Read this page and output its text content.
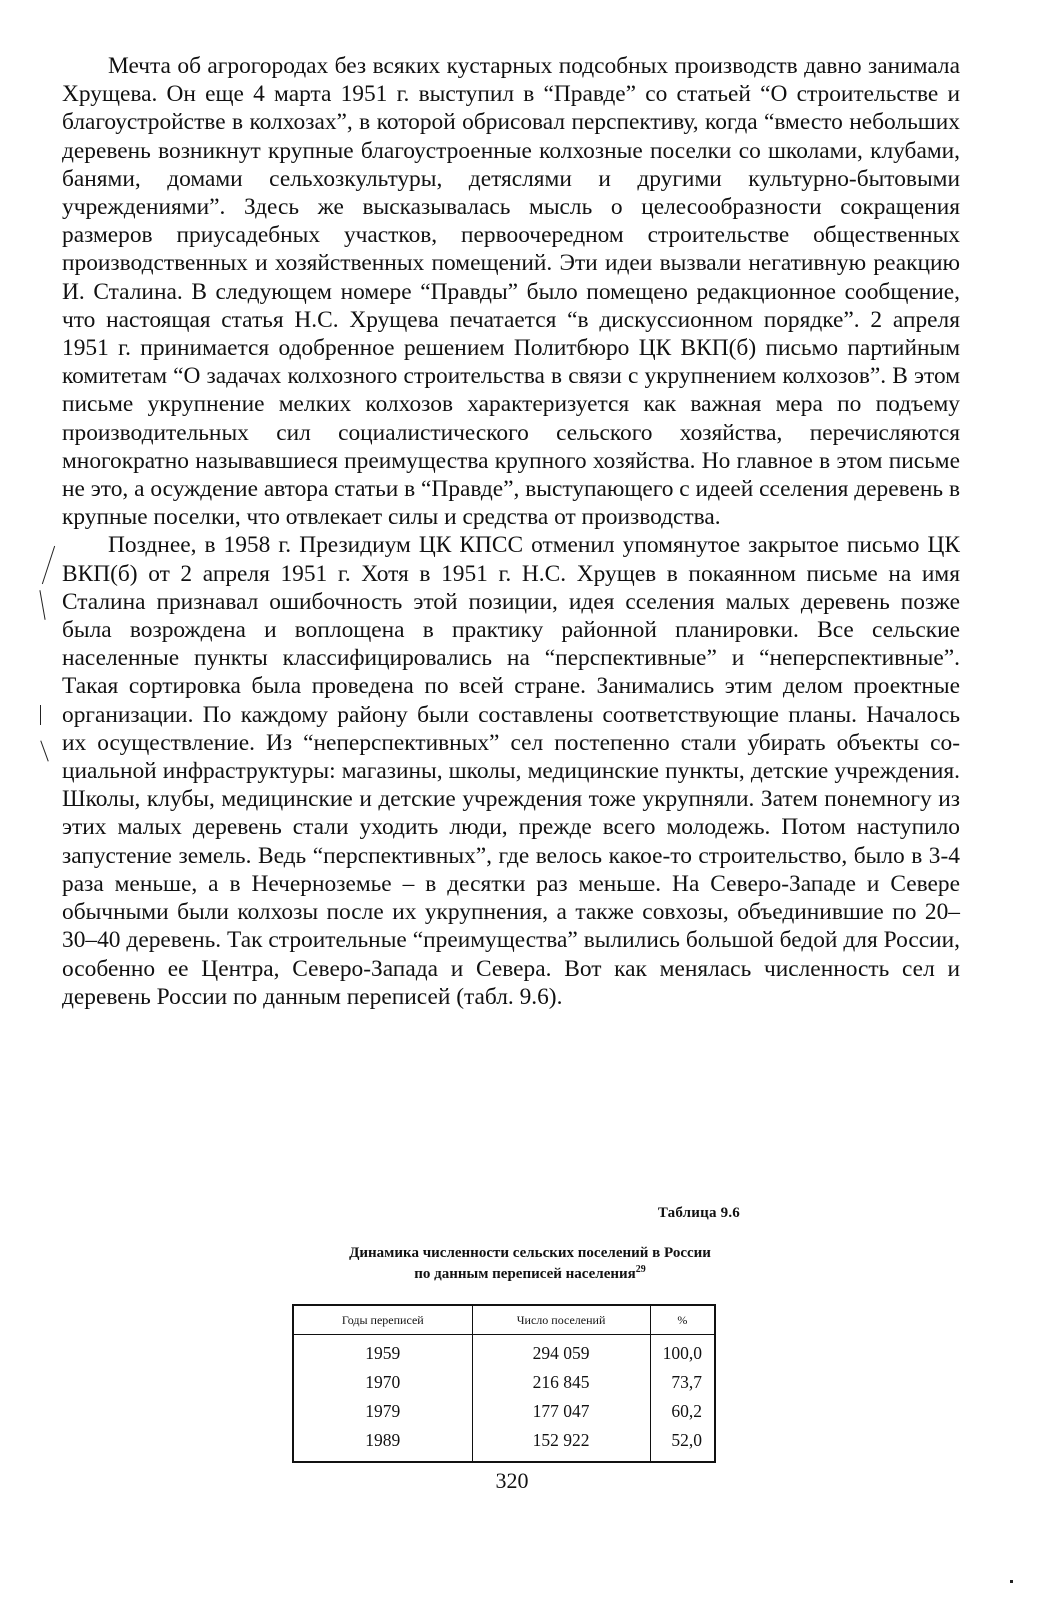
Мечта об агрогородах без всяких кустарных подсобных производств давно занимала Хрущева. Он еще 4 марта 1951 г. выступил в “Правде” со статьей “О строительстве и благоустройстве в колхозах”, в которой обрисовал перспективу, когда “вместо небольших деревень возникнут крупные благоустроенные колхозные поселки со школами, клубами, банями, домами сельхозкультуры, детяслями и другими культурно-бытовыми учреждениями”. Здесь же высказывалась мысль о целесообразности сокращения размеров приусадебных участков, первоочередном строительстве общественных производственных и хозяйственных помещений. Эти идеи вызвали негативную реакцию И. Сталина. В следующем номере “Правды” было помещено редакционное сообщение, что настоящая статья Н.С. Хрущева печатается “в дискуссионном порядке”. 2 апреля 1951 г. принимается одобренное решением Политбюро ЦК ВКП(б) письмо партийным комитетам “О задачах колхозного строительства в связи с укрупнением колхозов”. В этом письме укрупнение мелких колхозов характеризуется как важная мера по подъему производительных сил социалистического сельского хозяйства, перечисляются многократно называвшиеся преимущества крупного хозяйства. Но главное в этом письме не это, а осуждение автора статьи в “Правде”, выступающего с идеей сселения деревень в крупные поселки, что отвлекает силы и средства от производства.

Позднее, в 1958 г. Президиум ЦК КПСС отменил упомянутое закрытое письмо ЦК ВКП(б) от 2 апреля 1951 г. Хотя в 1951 г. Н.С. Хрущев в покаянном письме на имя Сталина признавал ошибочность этой позиции, идея сселения малых деревень позже была возрождена и воплощена в практику районной планировки. Все сельские населенные пункты классифицировались на “перспективные” и “неперспективные”. Такая сортировка была проведена по всей стране. Занимались этим делом проектные организации. По каждому району были составлены соответствующие планы. Началось их осуществление. Из “неперспективных” сел постепенно стали убирать объекты социальной инфраструктуры: магазины, школы, медицинские пункты, детские учреждения. Школы, клубы, медицинские и детские учреждения тоже укрупняли. Затем понемногу из этих малых деревень стали уходить люди, прежде всего молодежь. Потом наступило запустение земель. Ведь “перспективных”, где велось какое-то строительство, было в 3-4 раза меньше, а в Нечерноземье – в десятки раз меньше. На Северо-Западе и Севере обычными были колхозы после их укрупнения, а также совхозы, объединившие по 20–30–40 деревень. Так строительные “преимущества” вылились большой бедой для России, особенно ее Центра, Северо-Запада и Севера. Вот как менялась численность сел и деревень России по данным переписей (табл. 9.6).

Таблица 9.6
Динамика численности сельских поселений в России
по данным переписей населения$^{29}$
Годы переписей	Число поселений	%
1959	294 059	100,0
1970	216 845	73,7
1979	177 047	60,2
1989	152 922	52,0
320
